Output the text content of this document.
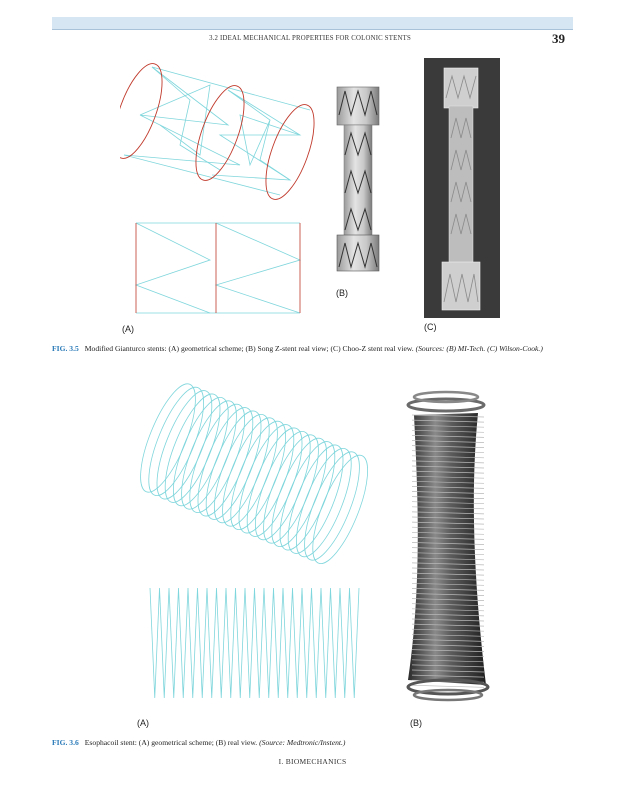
3.2 IDEAL MECHANICAL PROPERTIES FOR COLONIC STENTS	39
(A)
(B)
(C)
FIG. 3.5 Modified Gianturco stents: (A) geometrical scheme; (B) Song Z-stent real view; (C) Choo-Z stent real view. (Sources: (B) MI-Tech. (C) Wilson-Cook.)
(A)	(B)
FIG. 3.6 Esophacoil stent: (A) geometrical scheme; (B) real view. (Source: Medtronic/Instent.)
I. BIOMECHANICS
